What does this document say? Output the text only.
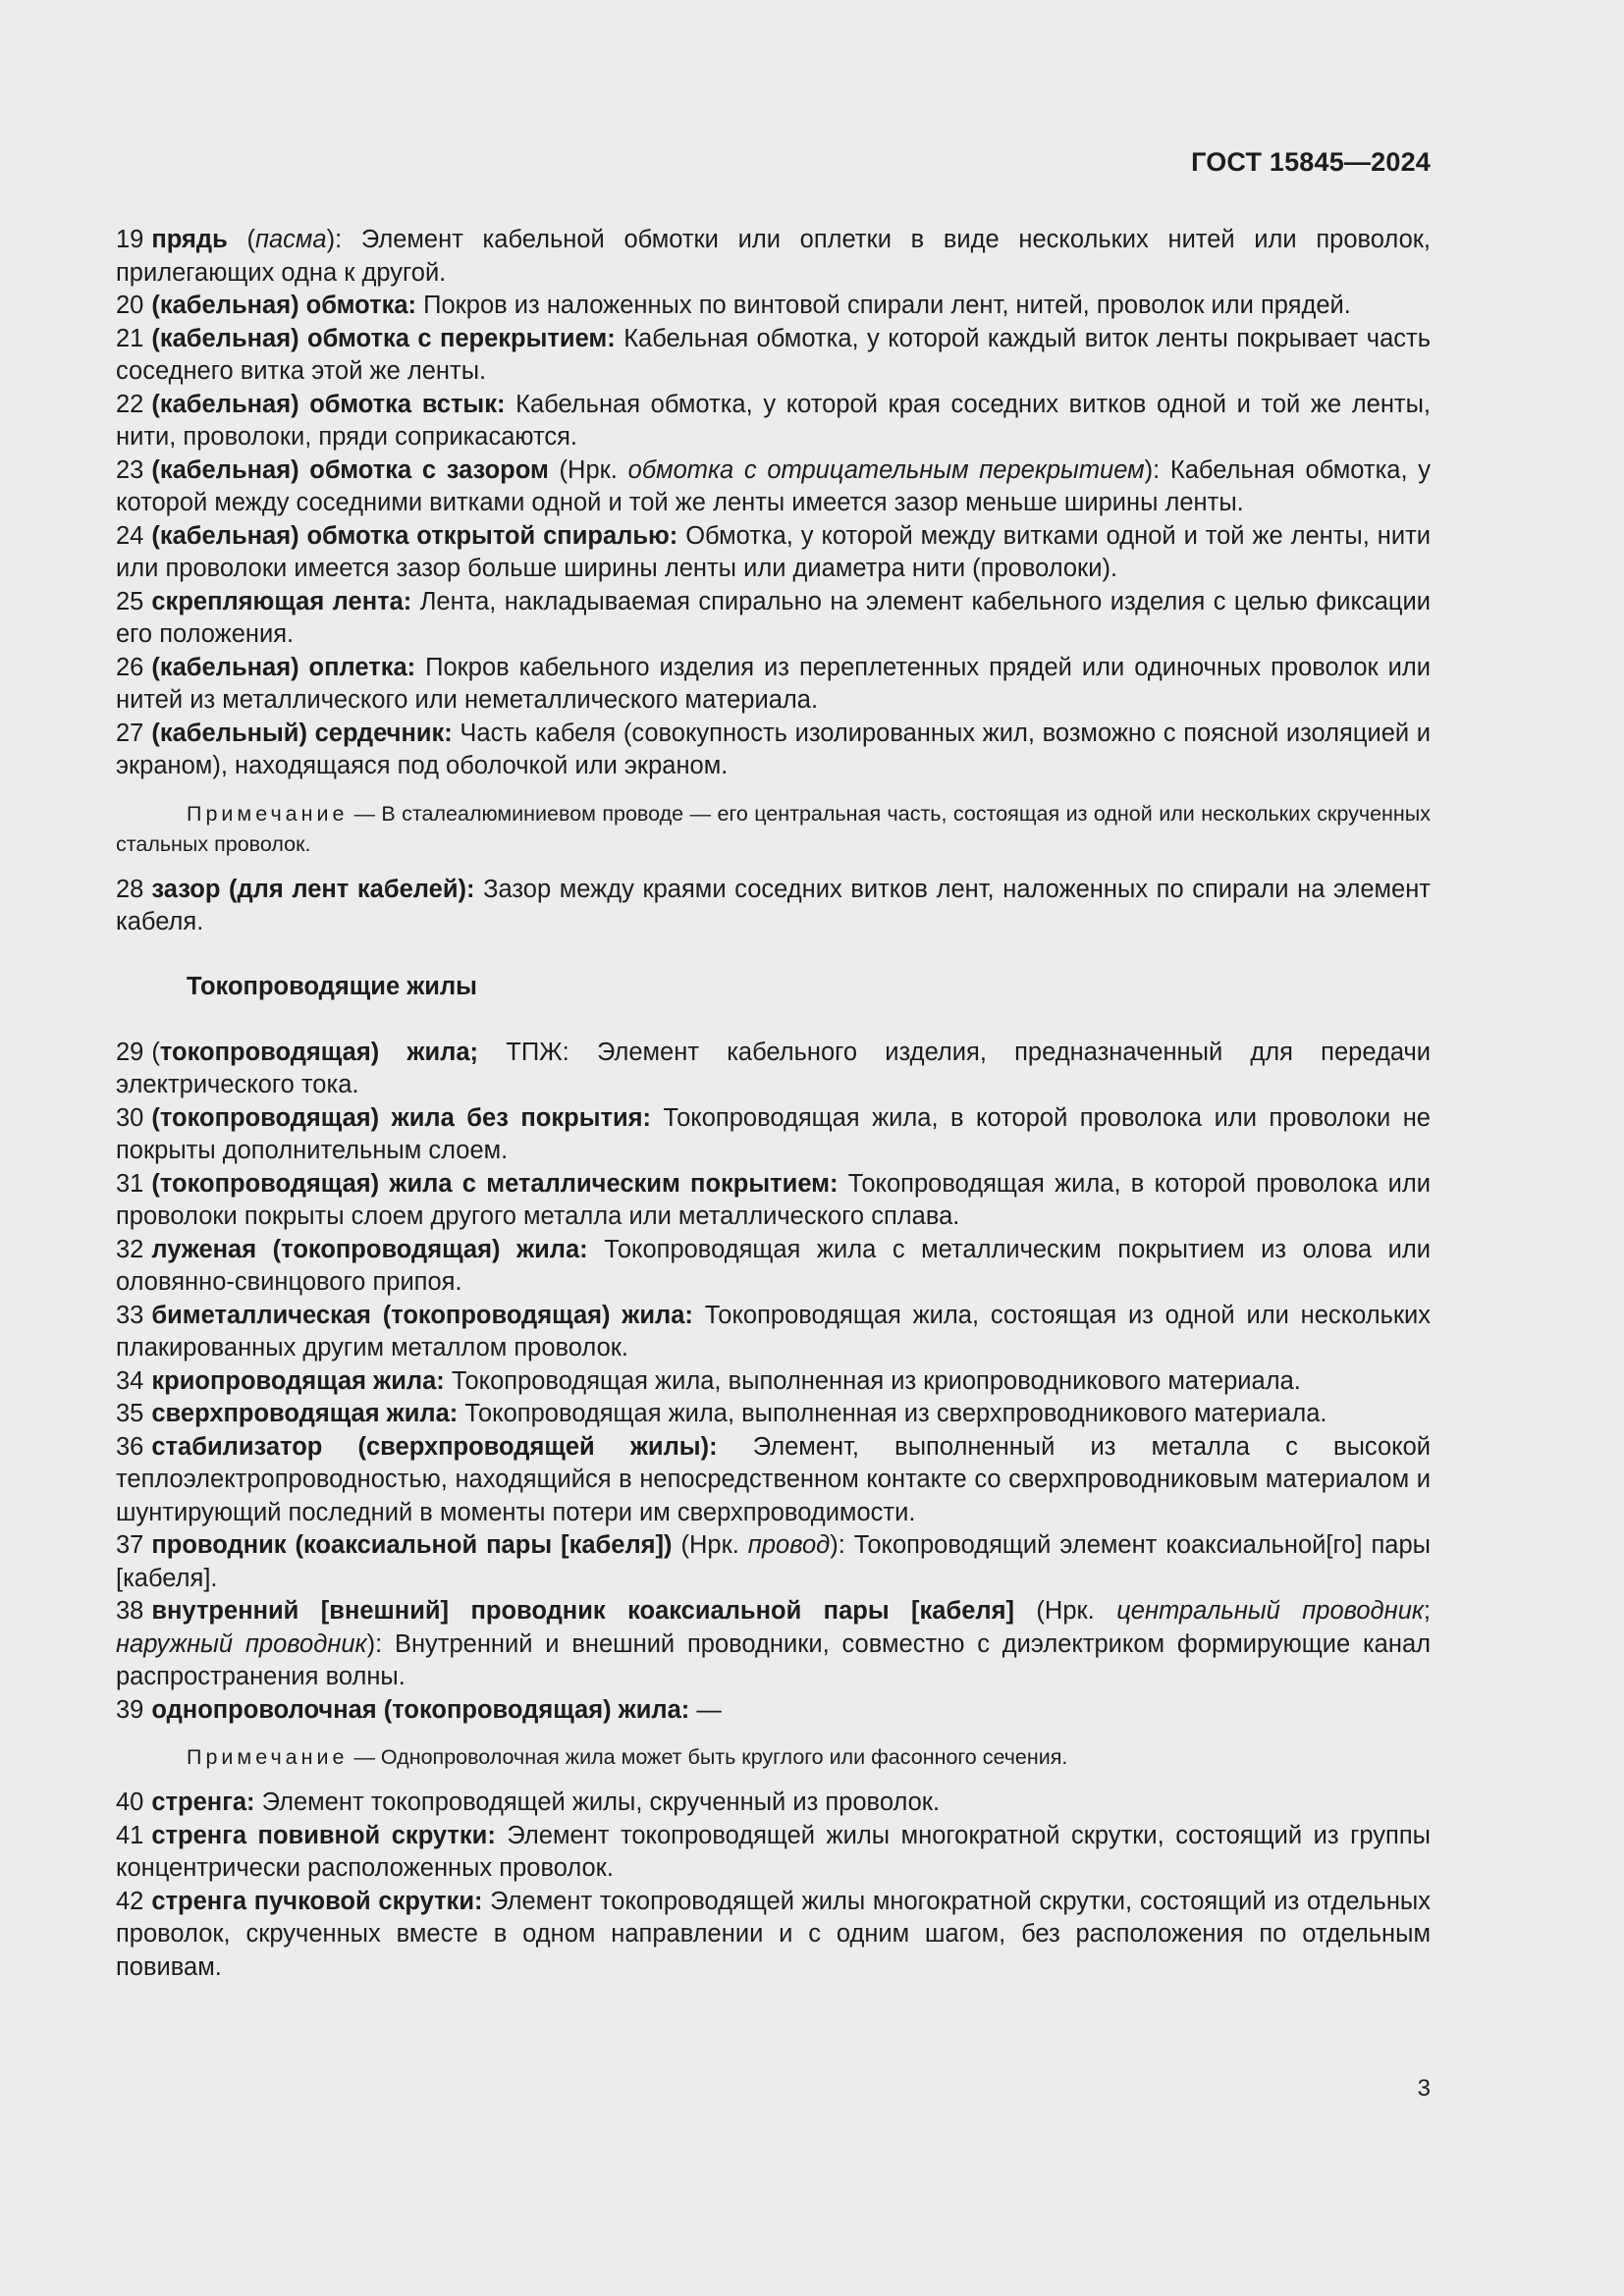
ГОСТ 15845—2024

19 прядь (пасма): Элемент кабельной обмотки или оплетки в виде нескольких нитей или проволок, прилегающих одна к другой.

20 (кабельная) обмотка: Покров из наложенных по винтовой спирали лент, нитей, проволок или прядей.

21 (кабельная) обмотка с перекрытием: Кабельная обмотка, у которой каждый виток ленты покрывает часть соседнего витка этой же ленты.

22 (кабельная) обмотка встык: Кабельная обмотка, у которой края соседних витков одной и той же ленты, нити, проволоки, пряди соприкасаются.

23 (кабельная) обмотка с зазором (Нрк. обмотка с отрицательным перекрытием): Кабельная обмотка, у которой между соседними витками одной и той же ленты имеется зазор меньше ширины ленты.

24 (кабельная) обмотка открытой спиралью: Обмотка, у которой между витками одной и той же ленты, нити или проволоки имеется зазор больше ширины ленты или диаметра нити (проволоки).

25 скрепляющая лента: Лента, накладываемая спирально на элемент кабельного изделия с целью фиксации его положения.

26 (кабельная) оплетка: Покров кабельного изделия из переплетенных прядей или одиночных проволок или нитей из металлического или неметаллического материала.

27 (кабельный) сердечник: Часть кабеля (совокупность изолированных жил, возможно с поясной изоляцией и экраном), находящаяся под оболочкой или экраном.

Примечание — В сталеалюминиевом проводе — его центральная часть, состоящая из одной или нескольких скрученных стальных проволок.

28 зазор (для лент кабелей): Зазор между краями соседних витков лент, наложенных по спирали на элемент кабеля.

Токопроводящие жилы

29 (токопроводящая) жила; ТПЖ: Элемент кабельного изделия, предназначенный для передачи электрического тока.

30 (токопроводящая) жила без покрытия: Токопроводящая жила, в которой проволока или проволоки не покрыты дополнительным слоем.

31 (токопроводящая) жила с металлическим покрытием: Токопроводящая жила, в которой проволока или проволоки покрыты слоем другого металла или металлического сплава.

32 луженая (токопроводящая) жила: Токопроводящая жила с металлическим покрытием из олова или оловянно-свинцового припоя.

33 биметаллическая (токопроводящая) жила: Токопроводящая жила, состоящая из одной или нескольких плакированных другим металлом проволок.

34 криопроводящая жила: Токопроводящая жила, выполненная из криопроводникового материала.

35 сверхпроводящая жила: Токопроводящая жила, выполненная из сверхпроводникового материала.

36 стабилизатор (сверхпроводящей жилы): Элемент, выполненный из металла с высокой теплоэлектропроводностью, находящийся в непосредственном контакте со сверхпроводниковым материалом и шунтирующий последний в моменты потери им сверхпроводимости.

37 проводник (коаксиальной пары [кабеля]) (Нрк. провод): Токопроводящий элемент коаксиальной[го] пары [кабеля].

38 внутренний [внешний] проводник коаксиальной пары [кабеля] (Нрк. центральный проводник; наружный проводник): Внутренний и внешний проводники, совместно с диэлектриком формирующие канал распространения волны.

39 однопроволочная (токопроводящая) жила: —

Примечание — Однопроволочная жила может быть круглого или фасонного сечения.

40 стренга: Элемент токопроводящей жилы, скрученный из проволок.

41 стренга повивной скрутки: Элемент токопроводящей жилы многократной скрутки, состоящий из группы концентрически расположенных проволок.

42 стренга пучковой скрутки: Элемент токопроводящей жилы многократной скрутки, состоящий из отдельных проволок, скрученных вместе в одном направлении и с одним шагом, без расположения по отдельным повивам.

3
